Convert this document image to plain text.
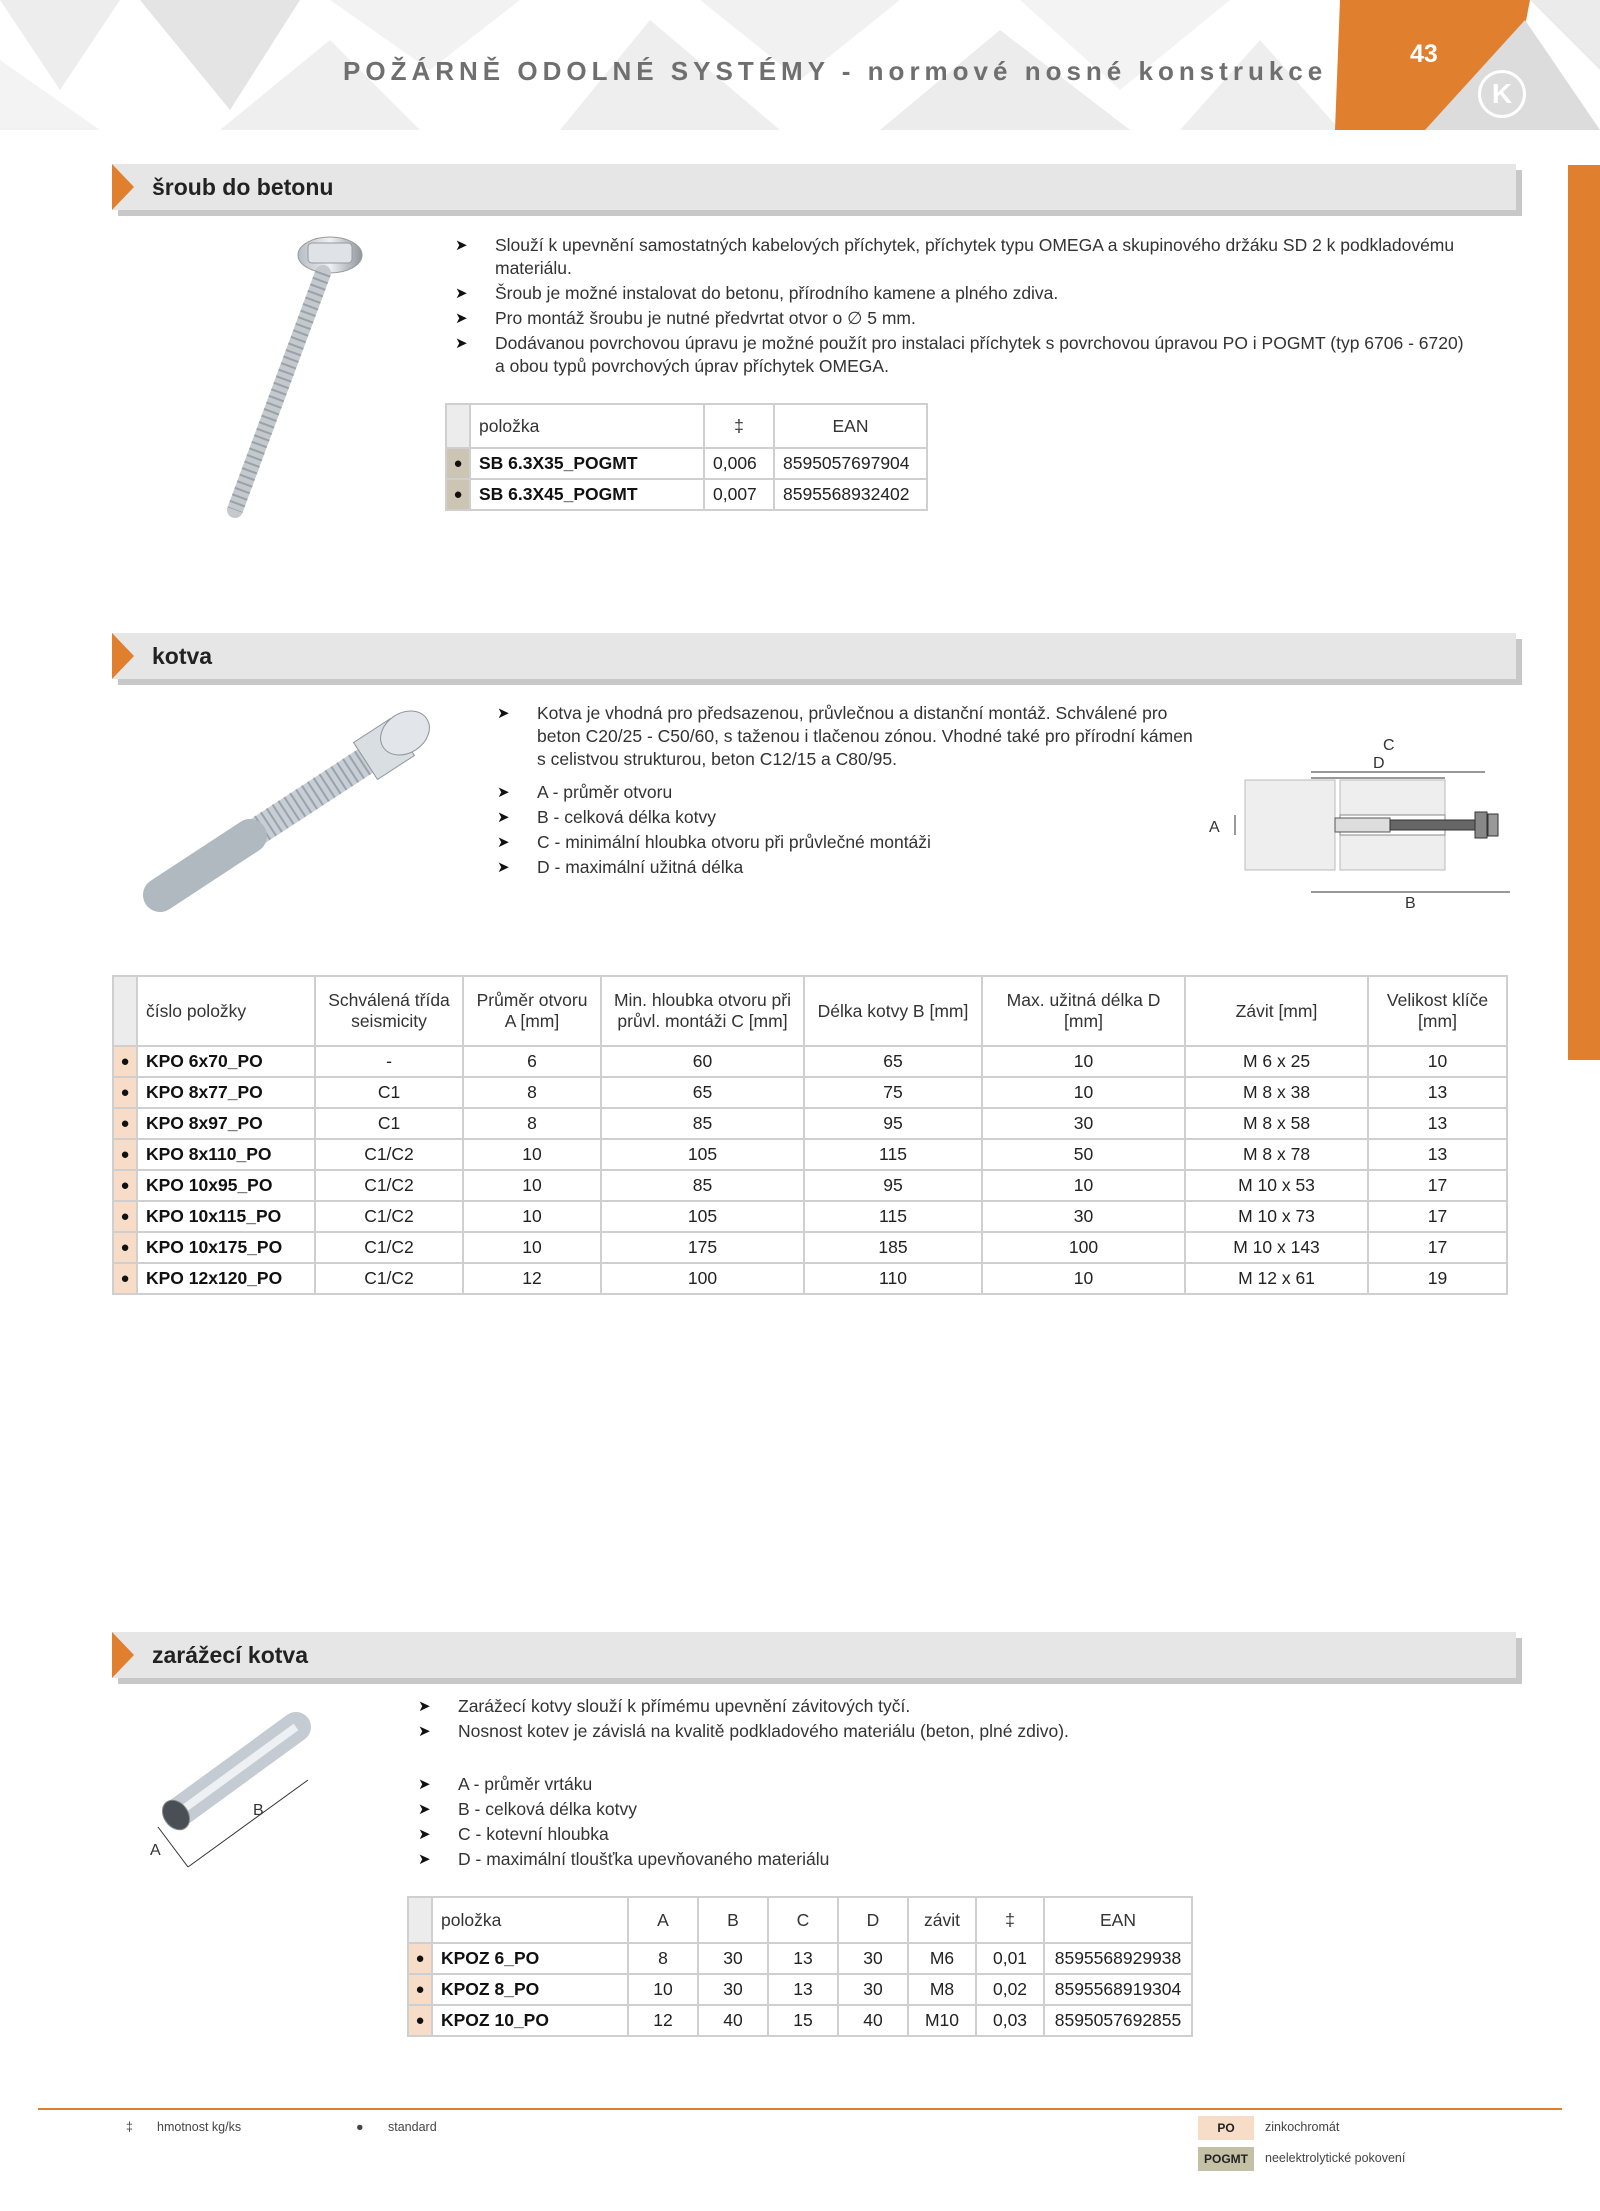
POŽÁRNĚ ODOLNÉ SYSTÉMY - normové nosné konstrukce
43
K
šroub do betonu
➤ Slouží k upevnění samostatných kabelových příchytek, příchytek typu OMEGA a skupinového držáku SD 2 k podkladovému materiálu.
➤ Šroub je možné instalovat do betonu, přírodního kamene a plného zdiva.
➤ Pro montáž šroubu je nutné předvrtat otvor o ∅ 5 mm.
➤ Dodávanou povrchovou úpravu je možné použít pro instalaci příchytek s povrchovou úpravou PO i POGMT (typ 6706 - 6720) a obou typů povrchových úprav příchytek OMEGA.
	položka	‡	EAN
●	SB 6.3X35_POGMT	0,006	8595057697904
●	SB 6.3X45_POGMT	0,007	8595568932402
kotva
➤ Kotva je vhodná pro předsazenou, průvlečnou a distanční montáž. Schválené pro beton C20/25 - C50/60, s taženou i tlačenou zónou. Vhodné také pro přírodní kámen s celistvou strukturou, beton C12/15 a C80/95.
➤ A - průměr otvoru
➤ B - celková délka kotvy
➤ C - minimální hloubka otvoru při průvlečné montáži
➤ D - maximální užitná délka
C
D
B
A
	číslo položky	Schválená třída seismicity	Průměr otvoru A [mm]	Min. hloubka otvoru při průvl. montáži C [mm]	Délka kotvy B [mm]	Max. užitná délka D [mm]	Závit [mm]	Velikost klíče [mm]
●	KPO 6x70_PO	-	6	60	65	10	M 6 x 25	10
●	KPO 8x77_PO	C1	8	65	75	10	M 8 x 38	13
●	KPO 8x97_PO	C1	8	85	95	30	M 8 x 58	13
●	KPO 8x110_PO	C1/C2	10	105	115	50	M 8 x 78	13
●	KPO 10x95_PO	C1/C2	10	85	95	10	M 10 x 53	17
●	KPO 10x115_PO	C1/C2	10	105	115	30	M 10 x 73	17
●	KPO 10x175_PO	C1/C2	10	175	185	100	M 10 x 143	17
●	KPO 12x120_PO	C1/C2	12	100	110	10	M 12 x 61	19
zarážecí kotva
A
B
➤ Zarážecí kotvy slouží k přímému upevnění závitových tyčí.
➤ Nosnost kotev je závislá na kvalitě podkladového materiálu (beton, plné zdivo).
➤ A - průměr vrtáku
➤ B - celková délka kotvy
➤ C - kotevní hloubka
➤ D - maximální tloušťka upevňovaného materiálu
	položka	A	B	C	D	závit	‡	EAN
●	KPOZ 6_PO	8	30	13	30	M6	0,01	8595568929938
●	KPOZ 8_PO	10	30	13	30	M8	0,02	8595568919304
●	KPOZ 10_PO	12	40	15	40	M10	0,03	8595057692855
‡ hmotnost kg/ks	● standard	PO	zinkochromát
POGMT	neelektrolytické pokovení
